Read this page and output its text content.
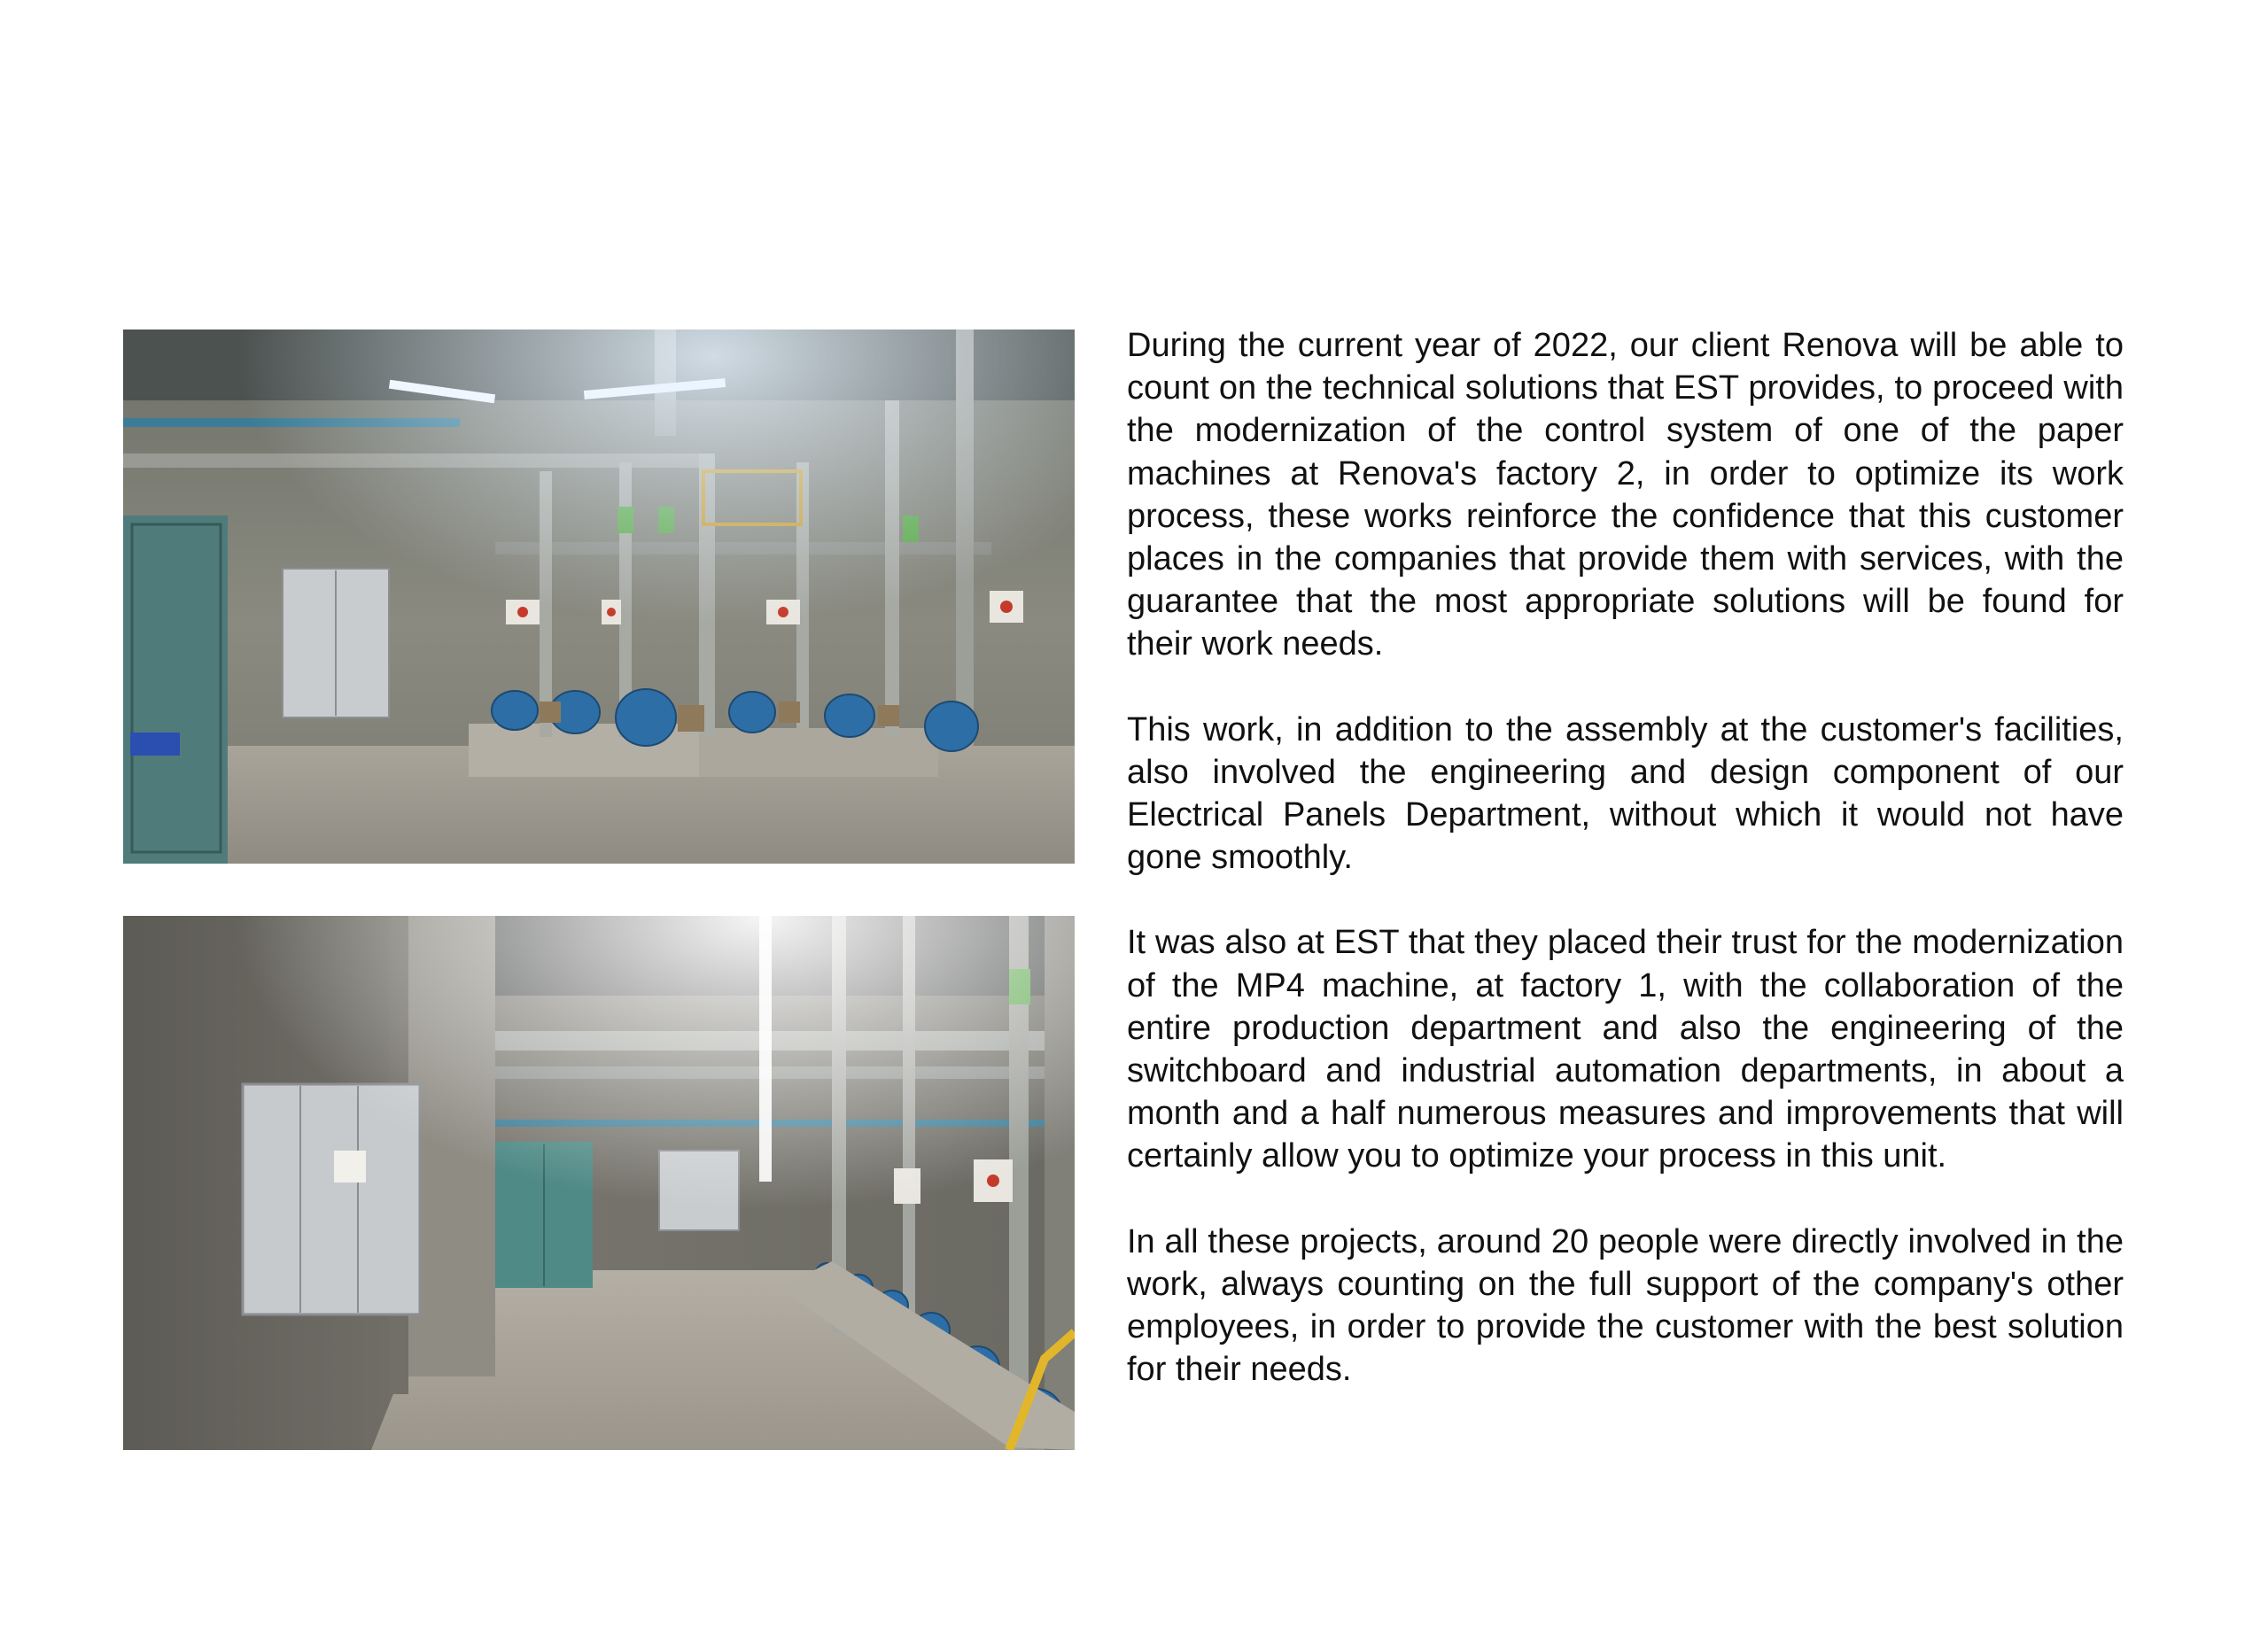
During the current year of 2022, our client Renova will be able to count on the technical solutions that EST provides, to proceed with the modernization of the control system of one of the paper machines at Renova's factory 2, in order to optimize its work process, these works reinforce the confidence that this customer places in the companies that provide them with services, with the guarantee that the most appropriate solutions will be found for their work needs.

This work, in addition to the assembly at the customer's facilities, also involved the engineering and design component of our Electrical Panels Department, without which it would not have gone smoothly.

It was also at EST that they placed their trust for the modernization of the MP4 machine, at factory 1, with the collaboration of the entire production department and also the engineering of the switchboard and industrial automation departments, in about a month and a half numerous measures and improvements that will certainly allow you to optimize your process in this unit.

In all these projects, around 20 people were directly involved in the work, always counting on the full support of the company's other employees, in order to provide the customer with the best solution for their needs.
